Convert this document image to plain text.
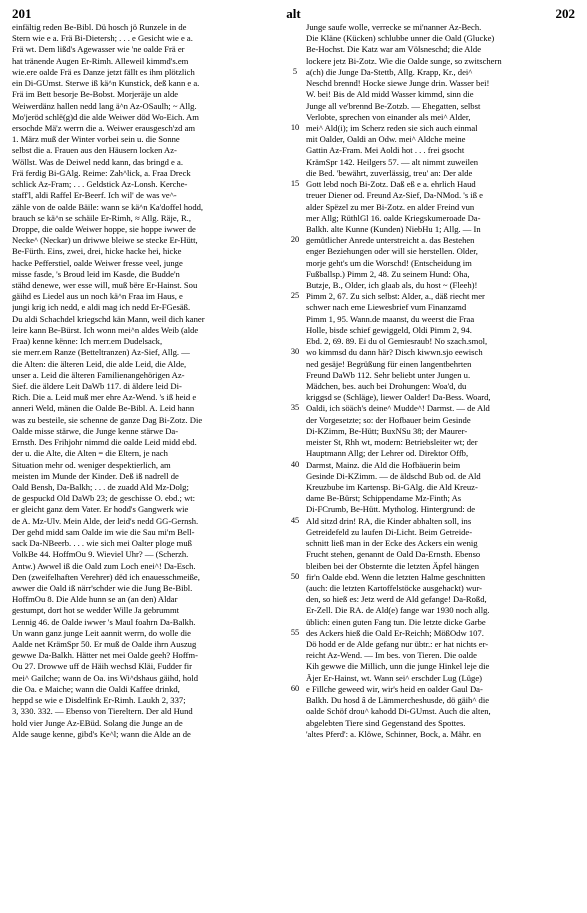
201	alt	202
einfältig reden Be-Bibl. Dü hosch jö Runzele in de
Stern wie e a. Frä Bi-Dietersh; . . . e Gesicht wie e a.
Frä wt. Dem lißd's Agewasser wie 'ne oalde Frä er
hat tränende Augen Er-Rimh. Alleweil kimmd's.em
wie.ere oalde Frä es Danze jetzt fällt es ihm plötzlich
ein Di-GUmst. Sterwe iß kä^n Kunstick, deß kann e a.
Frä im Bett besorje Be-Bobst. Morjeräje un alde
Weiwerdänz hallen nedd lang ä^n Az-OSaulh; ~ Allg.
Mo'jeröd schlë(g)d die alde Weiwer död Wo-Eich. Am
ersochde Mä'z werrn die a. Weiwer erausgesch'zd am
1. März muß der Winter vorbei sein u. die Sonne
selbst die a. Frauen aus den Häusern locken Az-
Wöllst. Was de Deiwel nedd kann, das bringd e a.
Frä ferdig Bi-GAlg. Reime: Zah^lick, a. Fraa Dreck
schlick Az-Fram; . . . Geldstick Az-Lonsh. Kerche-
staff'l, aldi Raffel Er-Beerf. Ich wil' de was ve^-
zähle von de oalde Bäile: wann se kä^n Ka'doffel hodd,
brauch se kä^n se schäile Er-Rimh, ≈ Allg. Räje, R.,
Droppe, die oalde Weiwer hoppe, sie hoppe iwwer de
Necke^ (Neckar) un driwwe bleiwe se stecke Er-Hütt,
Be-Fürth. Eins, zwei, drei, hicke hacke hei, hicke
hacke Pefferstiel, oalde Weiwer fresse veel, junge
misse fasde, 's Broud leid im Kasde, die Budde'n
stähd denewe, wer esse will, muß bëre Er-Hainst. Sou
gäihd es Liedel aus un noch kä^n Fraa im Haus, e
jungi krig ich nedd, e aldi mag ich nedd Er-FGesäß.
Du aldi Schachdel kriegschd kän Mann, weil dich kaner
leire kann Be-Bürst. Ich wonn mei^n aldes Weib (alde
Fraa) kenne kënne: Ich merr.em Dudelsack,
sie merr.em Ranze (Betteltranzen) Az-Sief, Allg. —
die Alten: die älteren Leid, die alde Leid, die Alde,
unser a. Leid die älteren Familienangehörigen Az-
Sief. die äldere Leit DaWb 117. di äldere leid Di-
Rich. Die a. Leid muß mer ehre Az-Wend. 's iß heid e
anneri Weld, mänen die Oalde Be-Bibl. A. Leid hann
was zu besteile, sie schenne de ganze Dag Bi-Zotz. Die
Oalde misse stärwe, die Junge kenne stärwe Da-
Ernsth. Des Frihjohr nimmd die oalde Leid midd ebd.
der u. die Alte, die Alten = die Eltern, je nach
Situation mehr od. weniger despektierlich, am
meisten im Munde der Kinder. Deß iß nadrell de
Oald Bensh, Da-Balkh; . . . de zuadd Ald Mz-Dolg;
de gespuckd Old DaWb 23; de geschisse O. ebd.; wt:
er gleicht ganz dem Vater. Er hodd's Gangwerk wie
de A. Mz-Ulv. Mein Alde, der leid's nedd GG-Gernsh.
Der gehd midd sam Oalde im wie die Sau mi'm Bell-
sack Da-NBeerb. . . . wie sich mei Oalter ploge muß
VolkBe 44. HoffmOu 9. Wieviel Uhr? — (Scherzh.
Antw.) Awwel iß die Oald zum Loch enei^! Da-Esch.
Den (zweifelhaften Verehrer) dëd ich enauesschmeiße,
awwer die Oald iß närr'schder wie die Jung Be-Bibl.
HoffmOu 8. Die Alde hunn se an (an den) Aldar
gestumpt, dort hot se wedder Wille Ja gebrummt
Lennig 46. de Oalde iwwer 's Maul foahrn Da-Balkh.
Un wann ganz junge Leit aannit werrn, do wolle die
Aalde net KrämSpr 50. Er muß de Oalde ihrn Auszug
gewwe Da-Balkh. Hätter net mei Oalde geeh? Hoffm-
Ou 27. Drowwe uff de Häih wechsd Kläi, Fudder fir
mei^ Gailche; wann de Oa. ins Wi^dshaus gäihd, hold
die Oa. e Maiche; wann die Oaldi Kaffee drinkd,
heppd se wie e Disdelfink Er-Rimh. Laukh 2, 337;
3, 330. 332. — Ebenso von Tiereltern. Der ald Hund
hold vier Junge Az-EBüd. Solang die Junge an de
Alde sauge kenne, gibd's Ke^l; wann die Alde an de
5
10
15
20
25
30
35
40
45
50
55
60
Junge saufe wolle, verrecke se mi'nanner Az-Bech.
Die Kläne (Kücken) schlubbe unner die Oald (Glucke)
Be-Hochst. Die Katz war am Völsneschd; die Alde
lockere jetz Bi-Zotz. Wie die Oalde sunge, so zwitschern
a(ch) die Junge Da-Stettb, Allg. Krapp, Kr., dei^
Neschd brennd! Hocke siewe Junge drin. Wasser bei!
W. bei! Bis de Ald midd Wasser kimmd, sinn die
Junge all ve'brennd Be-Zotzb. — Ehegatten, selbst
Verlobte, sprechen von einander als mei^ Alder,
mei^ Ald(i); im Scherz reden sie sich auch einmal
mit Oalder, Oaldi an Odw. mei^ Aldche meine
Gattin Az-Fram. Mei Aoldi hot . . . frei gsocht
KrämSpr 142. Heilgers 57. — alt nimmt zuweilen
die Bed. 'bewährt, zuverlässig, treu' an: Der alde
Gott lebd noch Bi-Zotz. Daß eß e a. ehrlich Haud
treuer Diener od. Freund Az-Sief, Da-NMod. 's iß e
alder Spëzel zu mer Bi-Zotz. en alder Freind vun
mer Allg; RüthlGl 16. oalde Kriegskumeroade Da-
Balkh. alte Kunne (Kunden) NiebHu 1; Allg. — In
gemütlicher Anrede unterstreicht a. das Bestehen
enger Beziehungen oder will sie herstellen. Older,
morje geht's um die Worschd! (Entscheidung im
Fußballsp.) Pimm 2, 48. Zu seinem Hund: Oha,
Butzje, B., Older, ich glaab als, du host ~ (Fleeh)!
Pimm 2, 67. Zu sich selbst: Alder, a., däß riecht mer
schwer nach eme Liewesbrief vum Finanzamd
Pimm 1, 95. Wann.de maanst, du weerst die Fraa
Holle, bisde schief gewiggeld, Oldi Pimm 2, 94.
Ebd. 2, 69. 89. Ei du ol Gemiesraub! No szach.smol,
wo kimmsd du dann här? Disch kiwwn.sjo eewisch
ned gesäje! Begrüßung für einen langentbehrten
Freund DaWb 112. Sehr beliebt unter Jungen u.
Mädchen, bes. auch bei Drohungen: Woa'd, du
kriggsd se (Schläge), liewer Oalder! Da-Bess. Woard,
Oaldi, ich söäch's deine^ Mudde^! Darmst. — de Ald
der Vorgesetzte; so: der Hofbauer beim Gesinde
Di-KZimm, Be-Hütt; BuxNSu 38; der Maurer-
meister St, Rhh wt, modern: Betriebsleiter wt; der
Hauptmann Allg; der Lehrer od. Direktor Offb,
Darmst, Mainz. die Ald die Hofbäuerin beim
Gesinde Di-KZimm. — de äldschd Bub od. de Ald
Kreuzbube im Kartensp. Bi-GAlg. die Ald Kreuz-
dame Be-Bürst; Schippendame Mz-Finth; As
Di-FCrumb, Be-Hütt. Mytholog. Hintergrund: de
Ald sitzd drin! RA, die Kinder abhalten soll, ins
Getreidefeld zu laufen Di-Licht. Beim Getreide-
schnitt ließ man in der Ecke des Ackers ein wenig
Frucht stehen, genannt de Oald Da-Ernsth. Ebenso
bleiben bei der Obsternte die letzten Äpfel hängen
fir'n Oalde ebd. Wenn die letzten Halme geschnitten
(auch: die letzten Kartoffelstöcke ausgehackt) wur-
den, so hieß es: Jetz werd de Ald gefange! Da-Roßd,
Er-Zell. Die RA. de Ald(e) fange war 1930 noch allg.
üblich: einen guten Fang tun. Die letzte dicke Garbe
des Ackers hieß die Oald Er-Reichh; MößOdw 107.
Dö hodd er de Alde gefang nur übtr.: er hat nichts er-
reicht Az-Wend. — Im bes. von Tieren. Die oalde
Kih gewwe die Millich, unn die junge Hinkel leje die
Äjer Er-Hainst, wt. Wann sei^ erschder Lug (Lüge)
e Fillche geweed wir, wir's heid en oalder Gaul Da-
Balkh. Du hosd â de Lämmercheshusde, dö gäih^ die
oalde Schöf drou^ kahodd Di-GUmst. Auch die alten,
abgelebten Tiere sind Gegenstand des Spottes.
'altes Pferd': a. Klöwe, Schinner, Bock, a. Mähr. en
